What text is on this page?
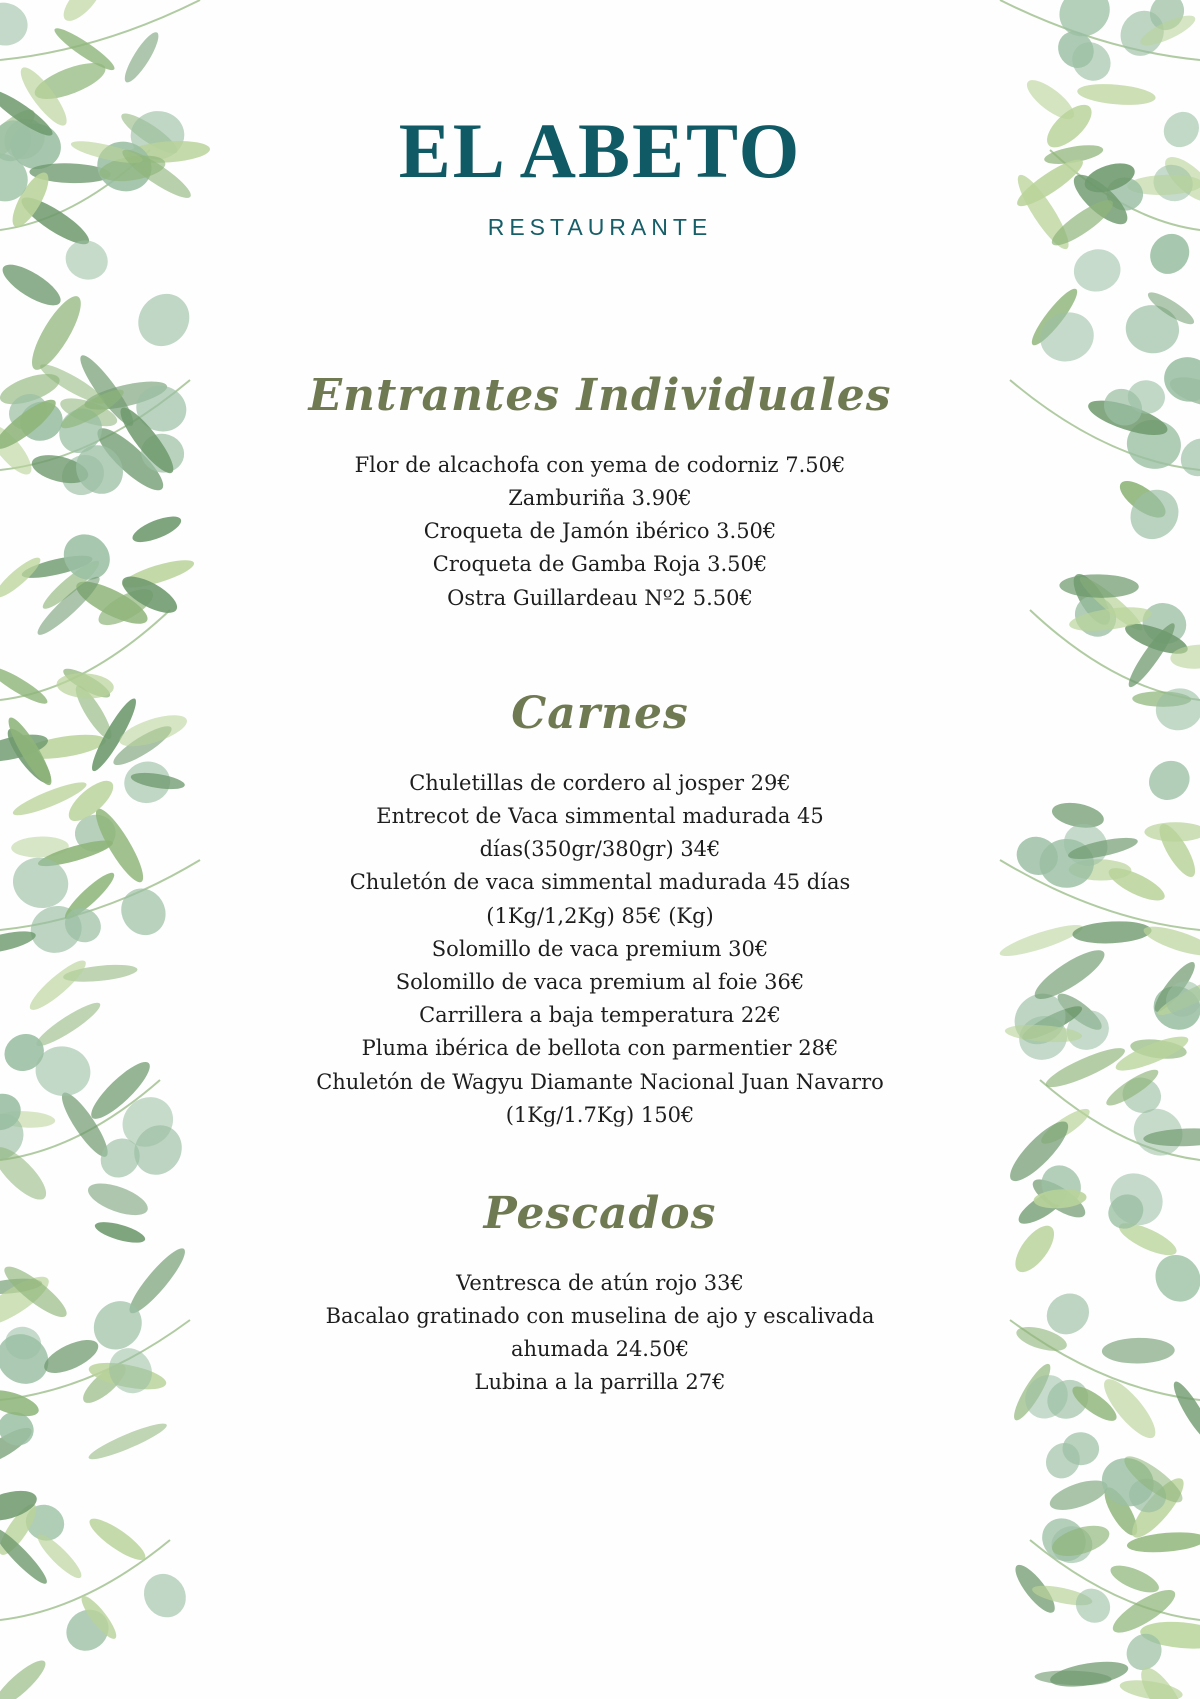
EL ABETO
RESTAURANTE
Entrantes Individuales
Flor de alcachofa con yema de codorniz 7.50€
Zamburiña 3.90€
Croqueta de Jamón ibérico 3.50€
Croqueta de Gamba Roja 3.50€
Ostra Guillardeau Nº2 5.50€
Carnes
Chuletillas de cordero al josper 29€
Entrecot de Vaca simmental madurada 45
días(350gr/380gr) 34€
Chuletón de vaca simmental madurada 45 días
(1Kg/1,2Kg) 85€ (Kg)
Solomillo de vaca premium 30€
Solomillo de vaca premium al foie 36€
Carrillera a baja temperatura 22€
Pluma ibérica de bellota con parmentier 28€
Chuletón de Wagyu Diamante Nacional Juan Navarro
(1Kg/1.7Kg) 150€
Pescados
Ventresca de atún rojo 33€
Bacalao gratinado con muselina de ajo y escalivada
ahumada 24.50€
Lubina a la parrilla 27€
